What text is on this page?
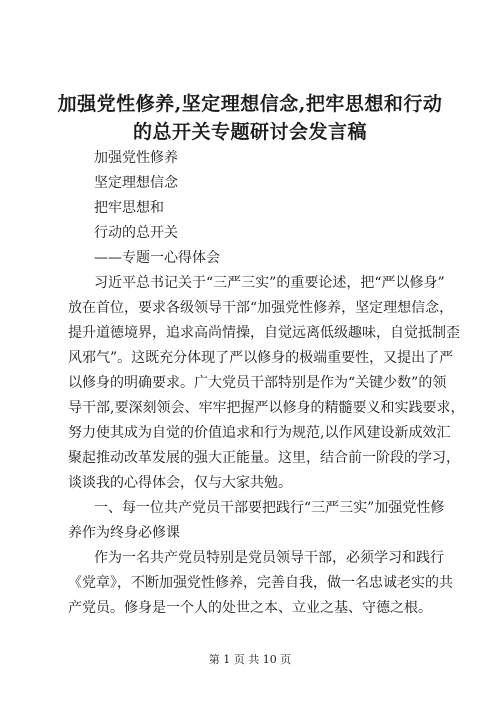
加强党性修养,坚定理想信念,把牢思想和行动
的总开关专题研讨会发言稿
加强党性修养
坚定理想信念
把牢思想和
行动的总开关
——专题一心得体会
习近平总书记关于“三严三实”的重要论述，把“严以修身”
放在首位，要求各级领导干部“加强党性修养，坚定理想信念，
提升道德境界，追求高尚情操，自觉远离低级趣味，自觉抵制歪
风邪气”。这既充分体现了严以修身的极端重要性，又提出了严
以修身的明确要求。广大党员干部特别是作为“关键少数”的领
导干部,要深刻领会、牢牢把握严以修身的精髓要义和实践要求，
努力使其成为自觉的价值追求和行为规范,以作风建设新成效汇
聚起推动改革发展的强大正能量。这里，结合前一阶段的学习，
谈谈我的心得体会，仅与大家共勉。
一、每一位共产党员干部要把践行“三严三实”加强党性修
养作为终身必修课
作为一名共产党员特别是党员领导干部，必须学习和践行
《党章》，不断加强党性修养，完善自我，做一名忠诚老实的共
产党员。修身是一个人的处世之本、立业之基、守德之根。
第 1 页 共 10 页
